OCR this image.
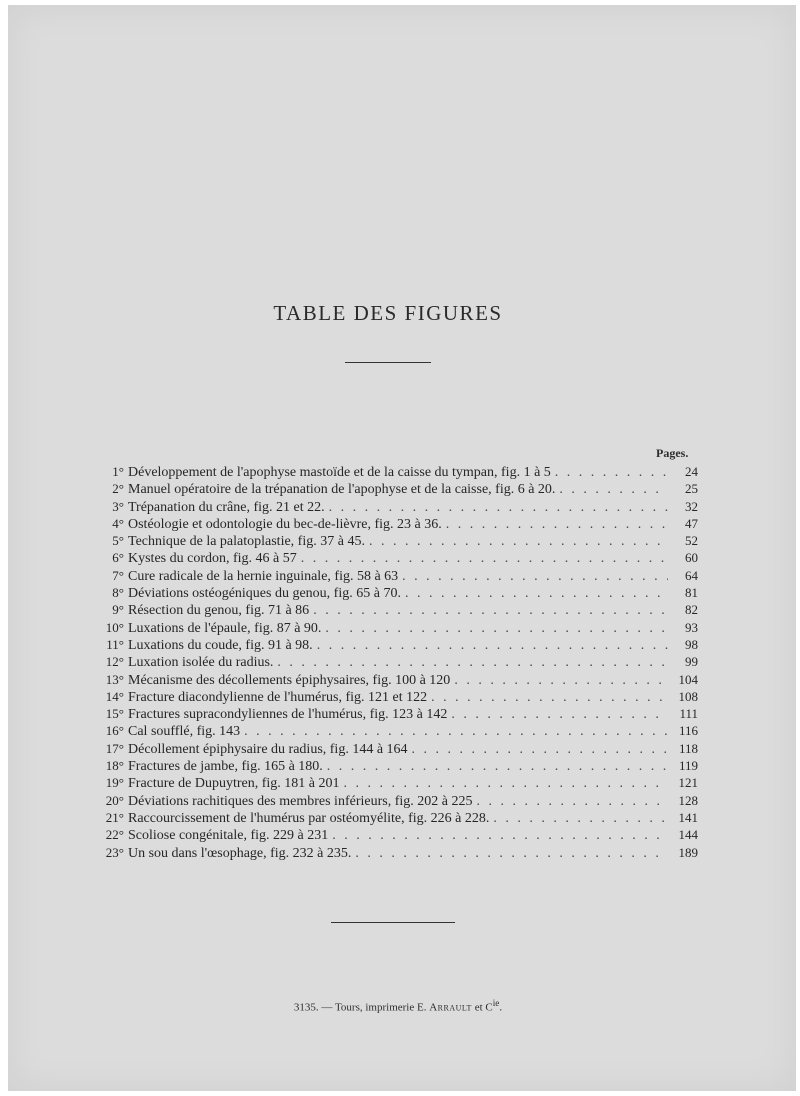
TABLE DES FIGURES
Pages.
1° Développement de l'apophyse mastoïde et de la caisse du tympan, fig. 1 à 5 . . .	24
2° Manuel opératoire de la trépanation de l'apophyse et de la caisse, fig. 6 à 20. . . .	25
3° Trépanation du crâne, fig. 21 et 22. . . .	32
4° Ostéologie et odontologie du bec-de-lièvre, fig. 23 à 36. . . .	47
5° Technique de la palatoplastie, fig. 37 à 45. . . .	52
6° Kystes du cordon, fig. 46 à 57 . . .	60
7° Cure radicale de la hernie inguinale, fig. 58 à 63 . . .	64
8° Déviations ostéogéniques du genou, fig. 65 à 70. . . .	81
9° Résection du genou, fig. 71 à 86 . . .	82
10° Luxations de l'épaule, fig. 87 à 90. . . .	93
11° Luxations du coude, fig. 91 à 98. . . .	98
12° Luxation isolée du radius. . . .	99
13° Mécanisme des décollements épiphysaires, fig. 100 à 120 . . .	104
14° Fracture diacondylienne de l'humérus, fig. 121 et 122 . . .	108
15° Fractures supracondyliennes de l'humérus, fig. 123 à 142 . . .	111
16° Cal soufflé, fig. 143 . . .	116
17° Décollement épiphysaire du radius, fig. 144 à 164 . . .	118
18° Fractures de jambe, fig. 165 à 180. . . .	119
19° Fracture de Dupuytren, fig. 181 à 201 . . .	121
20° Déviations rachitiques des membres inférieurs, fig. 202 à 225 . . .	128
21° Raccourcissement de l'humérus par ostéomyélite, fig. 226 à 228. . . .	141
22° Scoliose congénitale, fig. 229 à 231 . . .	144
23° Un sou dans l'œsophage, fig. 232 à 235. . . .	189
3135. — Tours, imprimerie E. Arrault et $C^{ie}$.
